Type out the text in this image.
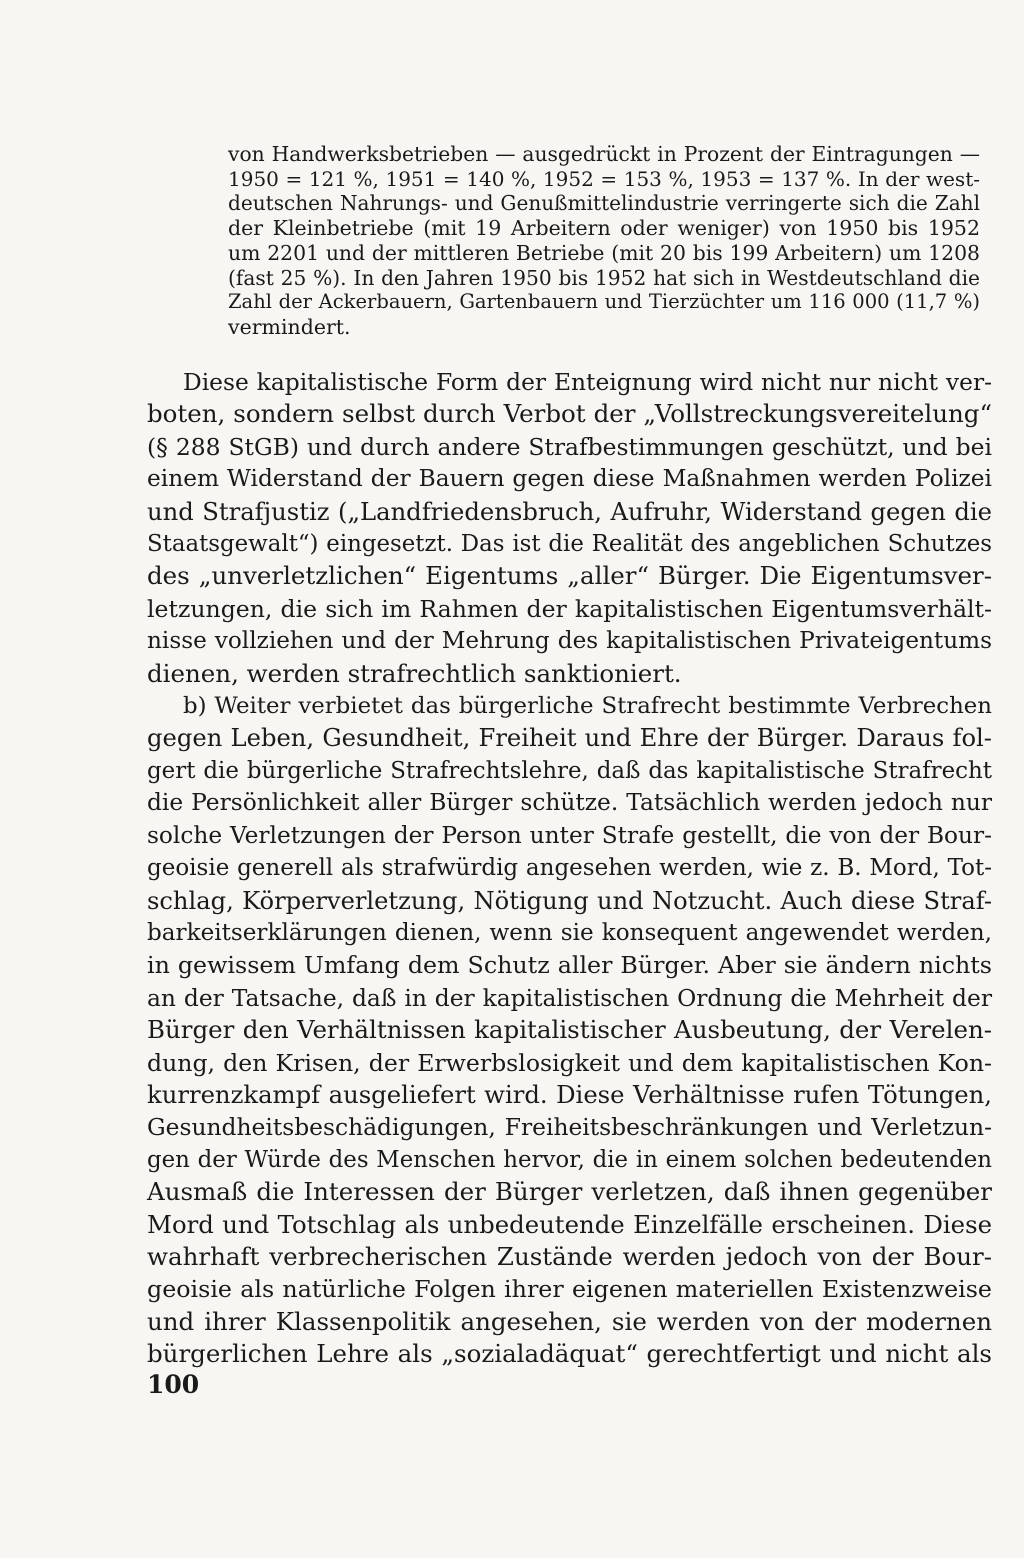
von Handwerksbetrieben — ausgedrückt in Prozent der Eintragungen —
1950 = 121 %, 1951 = 140 %, 1952 = 153 %, 1953 = 137 %. In der west-
deutschen Nahrungs- und Genußmittelindustrie verringerte sich die Zahl
der Kleinbetriebe (mit 19 Arbeitern oder weniger) von 1950 bis 1952
um 2201 und der mittleren Betriebe (mit 20 bis 199 Arbeitern) um 1208
(fast 25 %). In den Jahren 1950 bis 1952 hat sich in Westdeutschland die
Zahl der Ackerbauern, Gartenbauern und Tierzüchter um 116 000 (11,7 %)
vermindert.
Diese kapitalistische Form der Enteignung wird nicht nur nicht ver-
boten, sondern selbst durch Verbot der „Vollstreckungsvereitelung“
(§ 288 StGB) und durch andere Strafbestimmungen geschützt, und bei
einem Widerstand der Bauern gegen diese Maßnahmen werden Polizei
und Strafjustiz („Landfriedensbruch, Aufruhr, Widerstand gegen die
Staatsgewalt“) eingesetzt. Das ist die Realität des angeblichen Schutzes
des „unverletzlichen“ Eigentums „aller“ Bürger. Die Eigentumsver-
letzungen, die sich im Rahmen der kapitalistischen Eigentumsverhält-
nisse vollziehen und der Mehrung des kapitalistischen Privateigentums
dienen, werden strafrechtlich sanktioniert.
b) Weiter verbietet das bürgerliche Strafrecht bestimmte Verbrechen
gegen Leben, Gesundheit, Freiheit und Ehre der Bürger. Daraus fol-
gert die bürgerliche Strafrechtslehre, daß das kapitalistische Strafrecht
die Persönlichkeit aller Bürger schütze. Tatsächlich werden jedoch nur
solche Verletzungen der Person unter Strafe gestellt, die von der Bour-
geoisie generell als strafwürdig angesehen werden, wie z. B. Mord, Tot-
schlag, Körperverletzung, Nötigung und Notzucht. Auch diese Straf-
barkeitserklärungen dienen, wenn sie konsequent angewendet werden,
in gewissem Umfang dem Schutz aller Bürger. Aber sie ändern nichts
an der Tatsache, daß in der kapitalistischen Ordnung die Mehrheit der
Bürger den Verhältnissen kapitalistischer Ausbeutung, der Verelen-
dung, den Krisen, der Erwerbslosigkeit und dem kapitalistischen Kon-
kurrenzkampf ausgeliefert wird. Diese Verhältnisse rufen Tötungen,
Gesundheitsbeschädigungen, Freiheitsbeschränkungen und Verletzun-
gen der Würde des Menschen hervor, die in einem solchen bedeutenden
Ausmaß die Interessen der Bürger verletzen, daß ihnen gegenüber
Mord und Totschlag als unbedeutende Einzelfälle erscheinen. Diese
wahrhaft verbrecherischen Zustände werden jedoch von der Bour-
geoisie als natürliche Folgen ihrer eigenen materiellen Existenzweise
und ihrer Klassenpolitik angesehen, sie werden von der modernen
bürgerlichen Lehre als „sozialadäquat“ gerechtfertigt und nicht als
100
